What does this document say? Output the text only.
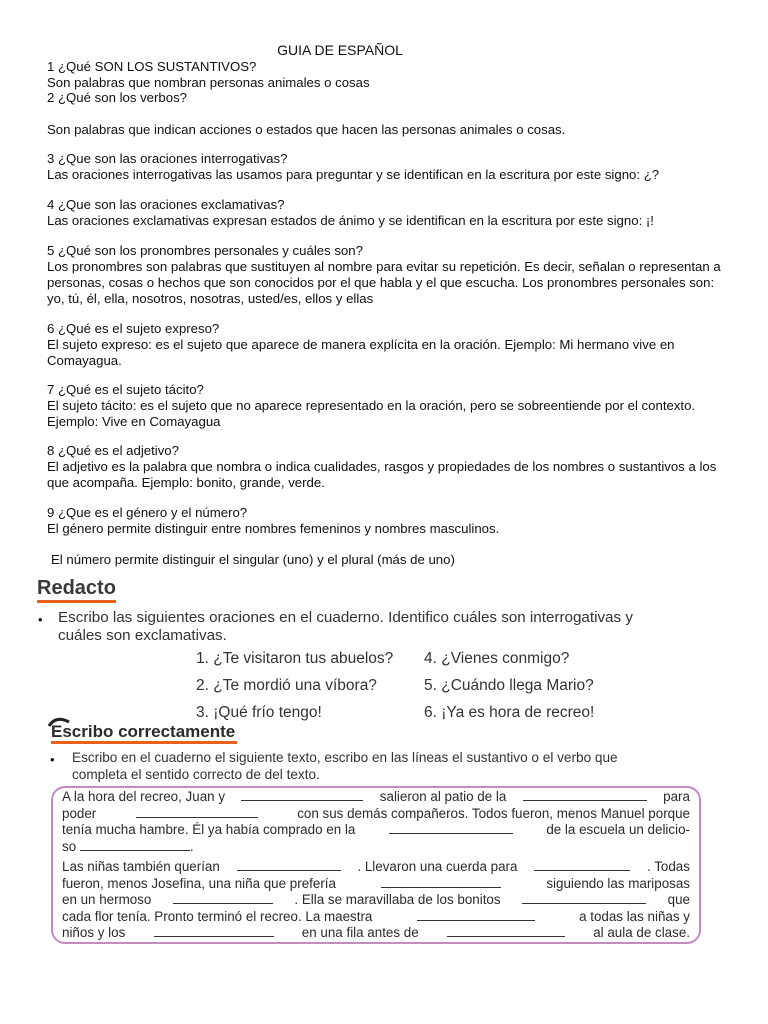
GUIA DE ESPAÑOL

1 ¿Qué SON LOS SUSTANTIVOS?

Son palabras que nombran personas animales o cosas

2 ¿Qué son los verbos?

Son palabras que indican acciones o estados que hacen las personas animales o cosas.

3 ¿Que son las oraciones interrogativas?

Las oraciones interrogativas las usamos para preguntar y se identifican en la escritura por este signo: ¿?

4 ¿Que son las oraciones exclamativas?

Las oraciones exclamativas expresan estados de ánimo y se identifican en la escritura por este signo: ¡!

5 ¿Qué son los pronombres personales y cuáles son?

Los pronombres son palabras que sustituyen al nombre para evitar su repetición. Es decir, señalan o representan a personas, cosas o hechos que son conocidos por el que habla y el que escucha. Los pronombres personales son: yo, tú, él, ella, nosotros, nosotras, usted/es, ellos y ellas

6 ¿Qué es el sujeto expreso?

El sujeto expreso: es el sujeto que aparece de manera explícita en la oración. Ejemplo: Mi hermano vive en Comayagua.

7 ¿Qué es el sujeto tácito?

El sujeto tácito: es el sujeto que no aparece representado en la oración, pero se sobreentiende por el contexto. Ejemplo: Vive en Comayagua

8 ¿Qué es el adjetivo?

El adjetivo es la palabra que nombra o indica cualidades, rasgos y propiedades de los nombres o sustantivos a los que acompaña. Ejemplo: bonito, grande, verde.

9 ¿Que es el género y el número?

El género permite distinguir entre nombres femeninos y nombres masculinos.

El número permite distinguir el singular (uno) y el plural (más de uno)
Redacto
• Escribo las siguientes oraciones en el cuaderno. Identifico cuáles son interrogativas y cuáles son exclamativas.
1. ¿Te visitaron tus abuelos?	4. ¿Vienes conmigo?
2. ¿Te mordió una víbora?	5. ¿Cuándo llega Mario?
3. ¡Qué frío tengo!	6. ¡Ya es hora de recreo!
Escribo correctamente
• Escribo en el cuaderno el siguiente texto, escribo en las líneas el sustantivo o el verbo que completa el sentido correcto de del texto.
A la hora del recreo, Juan y	salieron al patio de la	para
poder	con sus demás compañeros. Todos fueron, menos Manuel porque
tenía mucha hambre. Él ya había comprado en la	de la escuela un delicio-
so	.
Las niñas también querían	. Llevaron una cuerda para	. Todas
fueron, menos Josefina, una niña que prefería	siguiendo las mariposas
en un hermoso	. Ella se maravillaba de los bonitos	que
cada flor tenía. Pronto terminó el recreo. La maestra	a todas las niñas y
niños y los	en una fila antes de	al aula de clase.
